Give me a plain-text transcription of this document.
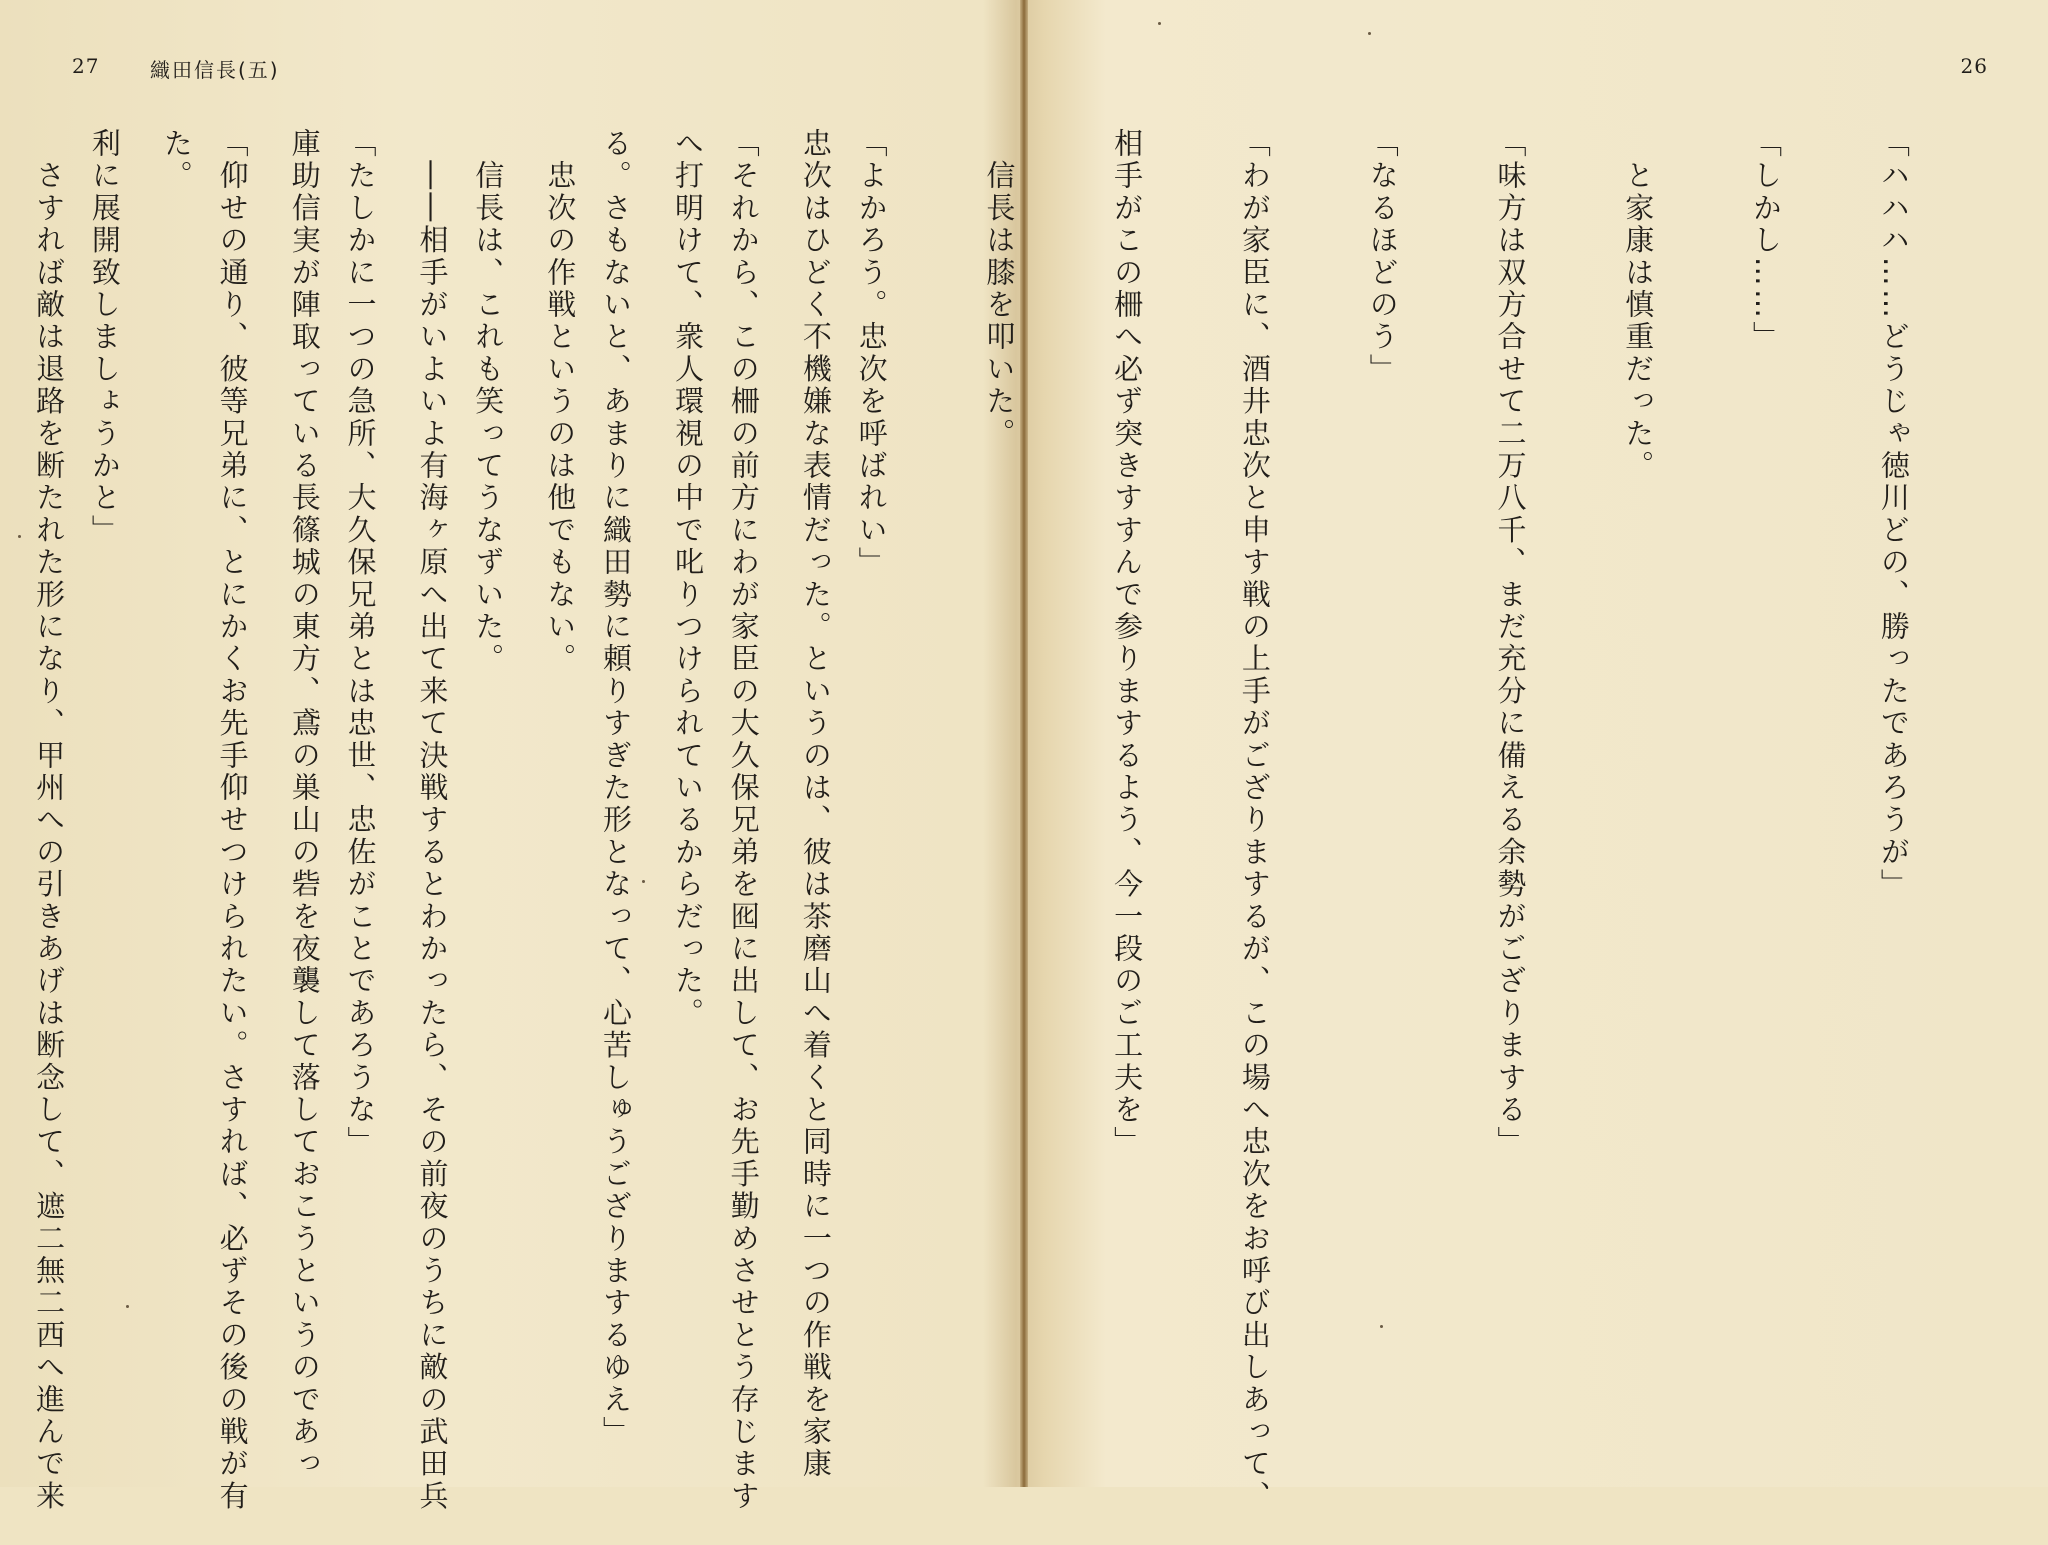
27	織田信長(五)

忠次はひどく不機嫌な表情だった。というのは、彼は茶磨山へ着くと同時に一つの作戦を家康

へ打明けて、衆人環視の中で叱りつけられているからだった。

　忠次の作戦というのは他でもない。

　――相手がいよいよ有海ヶ原へ出て来て決戦するとわかったら、その前夜のうちに敵の武田兵

庫助信実が陣取っている長篠城の東方、鳶の巣山の砦を夜襲して落しておこうというのであっ

た。

　さすれば敵は退路を断たれた形になり、甲州への引きあげは断念して、遮二無二西へ進んで来

26

「ハハハ……どうじゃ徳川どの、勝ったであろうが」

「しかし……」

　と家康は慎重だった。

「味方は双方合せて二万八千、まだ充分に備える余勢がござりまする」

「なるほどのう」

「わが家臣に、酒井忠次と申す戦の上手がござりまするが、この場へ忠次をお呼び出しあって、

相手がこの柵へ必ず突きすすんで参りまするよう、今一段のご工夫を」

　信長は膝を叩いた。

「よかろう。忠次を呼ばれい」

「それから、この柵の前方にわが家臣の大久保兄弟を囮に出して、お先手勤めさせとう存じます

る。さもないと、あまりに織田勢に頼りすぎた形となって、心苦しゅうござりまするゆえ」

　信長は、これも笑ってうなずいた。

「たしかに一つの急所、大久保兄弟とは忠世、忠佐がことであろうな」

「仰せの通り、彼等兄弟に、とにかくお先手仰せつけられたい。さすれば、必ずその後の戦が有

利に展開致しましょうかと」
